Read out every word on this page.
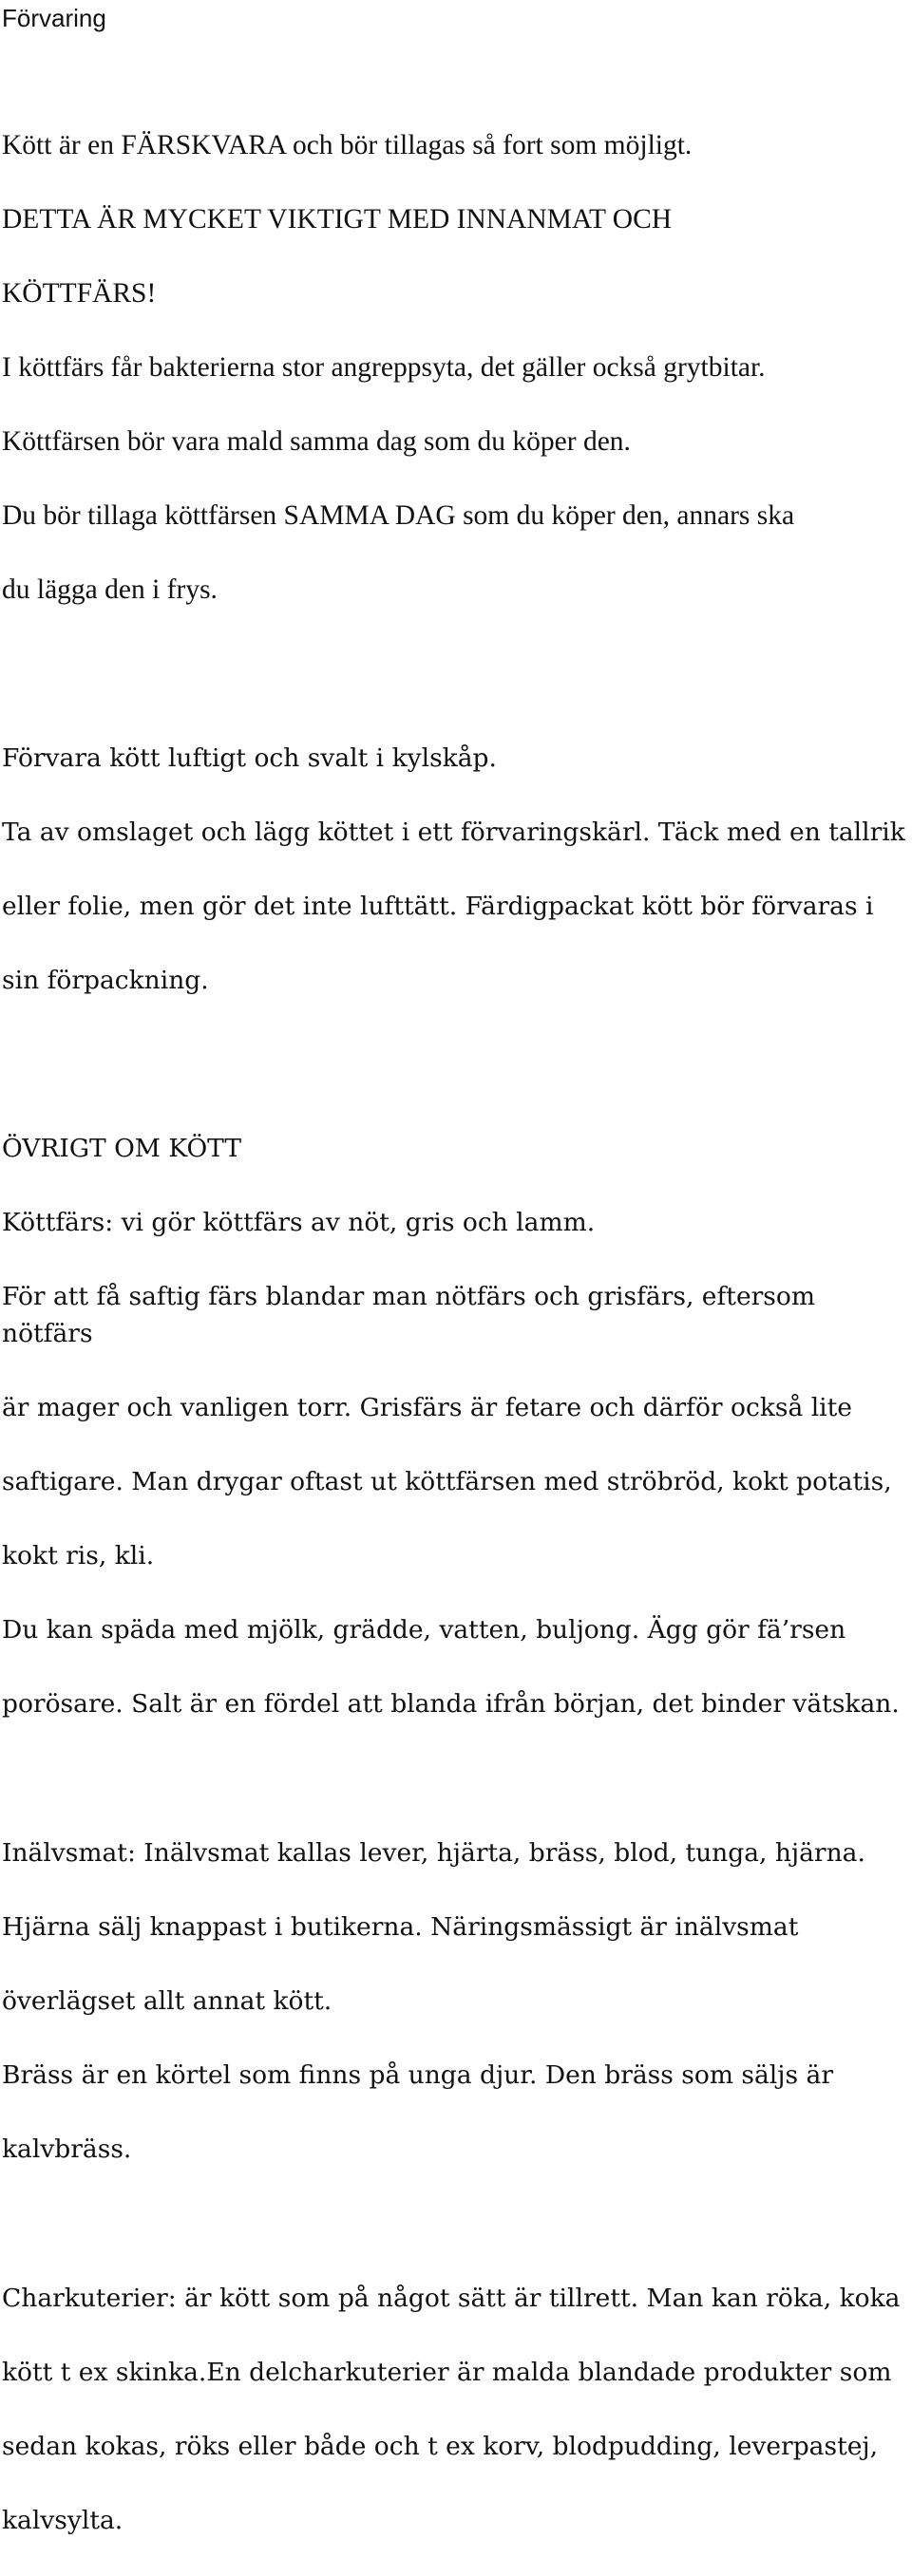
Förvaring

Kött är en FÄRSKVARA och bör tillagas så fort som möjligt.

DETTA ÄR MYCKET VIKTIGT MED INNANMAT OCH

KÖTTFÄRS!

I köttfärs får bakterierna stor angreppsyta, det gäller också grytbitar.

Köttfärsen bör vara mald samma dag som du köper den.

Du bör tillaga köttfärsen SAMMA DAG som du köper den, annars ska

du lägga den i frys.

Förvara kött luftigt och svalt i kylskåp.

Ta av omslaget och lägg köttet i ett förvaringskärl. Täck med en tallrik

eller folie, men gör det inte lufttätt. Färdigpackat kött bör förvaras i

sin förpackning.

ÖVRIGT OM KÖTT

Köttfärs: vi gör köttfärs av nöt, gris och lamm.

För att få saftig färs blandar man nötfärs och grisfärs, eftersom nötfärs

är mager och vanligen torr. Grisfärs är fetare och därför också lite

saftigare. Man drygar oftast ut köttfärsen med ströbröd, kokt potatis,

kokt ris, kli.

Du kan späda med mjölk, grädde, vatten, buljong. Ägg gör fä’rsen

porösare. Salt är en fördel att blanda ifrån början, det binder vätskan.

Inälvsmat: Inälvsmat kallas lever, hjärta, bräss, blod, tunga, hjärna.

Hjärna sälj knappast i butikerna. Näringsmässigt är inälvsmat

överlägset allt annat kött.

Bräss är en körtel som finns på unga djur. Den bräss som säljs är

kalvbräss.

Charkuterier: är kött som på något sätt är tillrett. Man kan röka, koka

kött t ex skinka.En delcharkuterier är malda blandade produkter som

sedan kokas, röks eller både och t ex korv, blodpudding, leverpastej,

kalvsylta.
